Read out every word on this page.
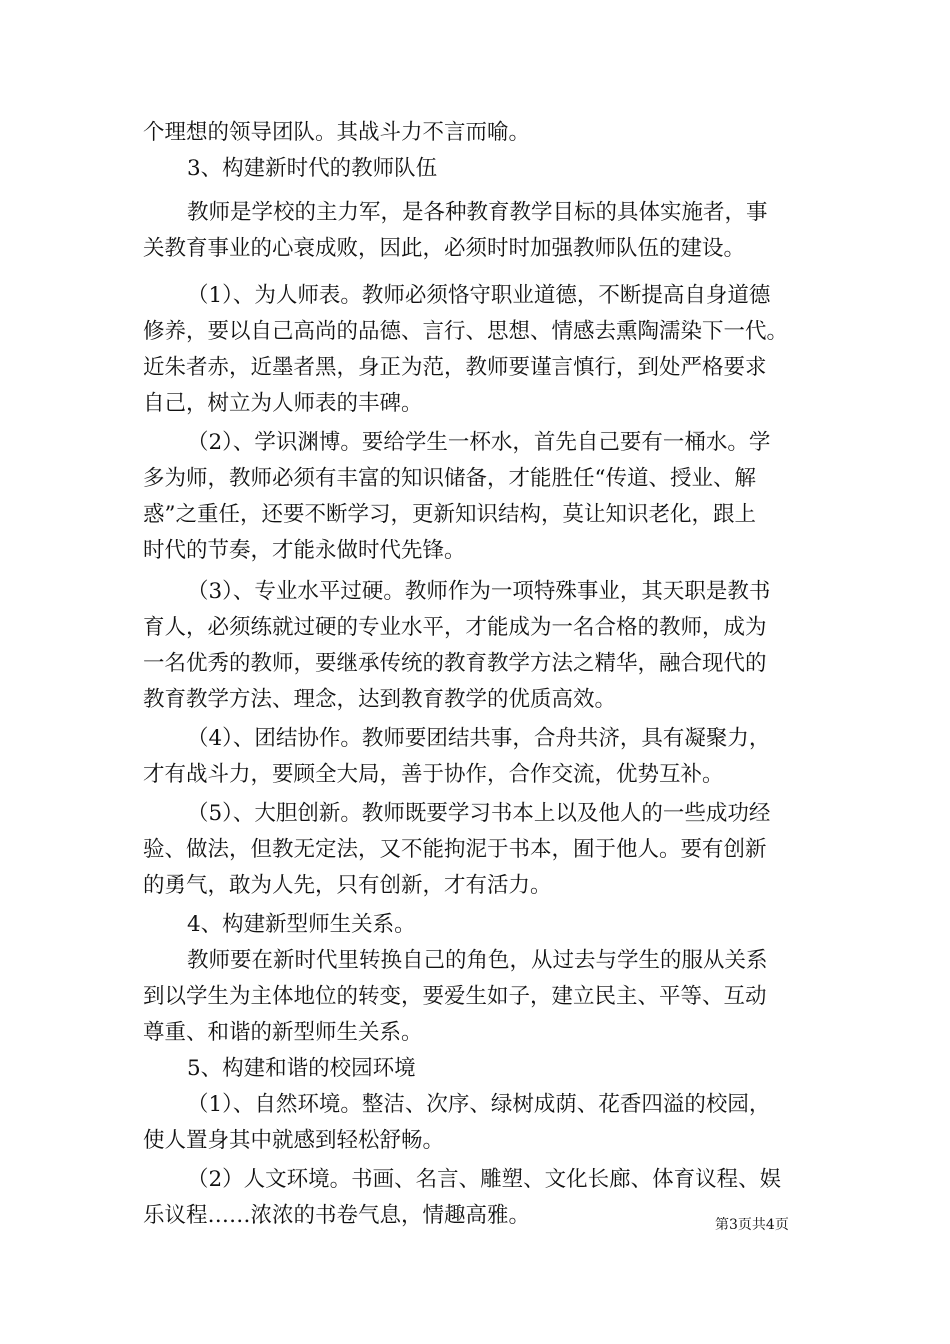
个理想的领导团队。其战斗力不言而喻。
3、构建新时代的教师队伍
教师是学校的主力军，是各种教育教学目标的具体实施者，事
关教育事业的心衰成败，因此，必须时时加强教师队伍的建设。
（1）、为人师表。教师必须恪守职业道德，不断提高自身道德
修养，要以自己高尚的品德、言行、思想、情感去熏陶濡染下一代。
近朱者赤，近墨者黑，身正为范，教师要谨言慎行，到处严格要求
自己，树立为人师表的丰碑。
（2）、学识渊博。要给学生一杯水，首先自己要有一桶水。学
多为师，教师必须有丰富的知识储备，才能胜任“传道、授业、解
惑”之重任，还要不断学习，更新知识结构，莫让知识老化，跟上
时代的节奏，才能永做时代先锋。
（3）、专业水平过硬。教师作为一项特殊事业，其天职是教书
育人，必须练就过硬的专业水平，才能成为一名合格的教师，成为
一名优秀的教师，要继承传统的教育教学方法之精华，融合现代的
教育教学方法、理念，达到教育教学的优质高效。
（4）、团结协作。教师要团结共事，合舟共济，具有凝聚力，
才有战斗力，要顾全大局，善于协作，合作交流，优势互补。
（5）、大胆创新。教师既要学习书本上以及他人的一些成功经
验、做法，但教无定法，又不能拘泥于书本，囿于他人。要有创新
的勇气，敢为人先，只有创新，才有活力。
4、构建新型师生关系。
教师要在新时代里转换自己的角色，从过去与学生的服从关系
到以学生为主体地位的转变，要爱生如子，建立民主、平等、互动
尊重、和谐的新型师生关系。
5、构建和谐的校园环境
（1）、自然环境。整洁、次序、绿树成荫、花香四溢的校园，
使人置身其中就感到轻松舒畅。
（2）人文环境。书画、名言、雕塑、文化长廊、体育议程、娱
乐议程……浓浓的书卷气息，情趣高雅。	第3页共4页
